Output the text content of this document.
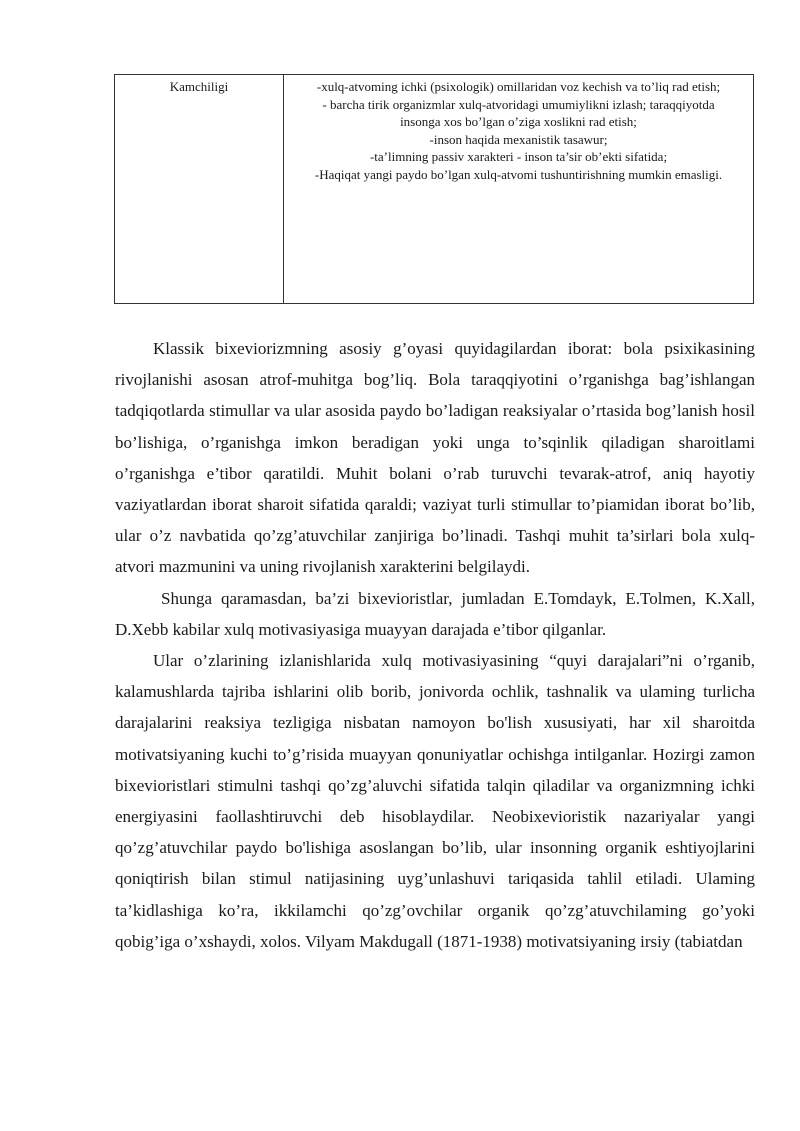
Kamchiligi	-xulq-atvoming ichki (psixologik) omillaridan voz kechish va to’liq rad etish;
- barcha tirik organizmlar xulq-atvoridagi umumiylikni izlash; taraqqiyotda
insonga xos bo’lgan o’ziga xoslikni rad etish;
-inson haqida mexanistik tasawur;
-ta’limning passiv xarakteri - inson ta’sir ob’ekti sifatida;
-Haqiqat yangi paydo bo’lgan xulq-atvomi tushuntirishning mumkin emasligi.

Klassik bixeviorizmning asosiy g’oyasi quyidagilardan iborat: bola psixikasining rivojlanishi asosan atrof-muhitga bog’liq. Bola taraqqiyotini o’rganishga bag’ishlangan tadqiqotlarda stimullar va ular asosida paydo bo’ladigan reaksiyalar o’rtasida bog’lanish hosil bo’lishiga, o’rganishga imkon beradigan yoki unga to’sqinlik qiladigan sharoitlami o’rganishga e’tibor qaratildi. Muhit bolani o’rab turuvchi tevarak-atrof, aniq hayotiy vaziyatlardan iborat sharoit sifatida qaraldi; vaziyat turli stimullar to’piamidan iborat bo’lib, ular o’z navbatida qo’zg’atuvchilar zanjiriga bo’linadi. Tashqi muhit ta’sirlari bola xulq-atvori mazmunini va uning rivojlanish xarakterini belgilaydi.

Shunga qaramasdan, ba’zi bixevioristlar, jumladan E.Tomdayk, E.Tolmen, K.Xall, D.Xebb kabilar xulq motivasiyasiga muayyan darajada e’tibor qilganlar.

Ular o’zlarining izlanishlarida xulq motivasiyasining “quyi darajalari”ni o’rganib, kalamushlarda tajriba ishlarini olib borib, jonivorda ochlik, tashnalik va ulaming turlicha darajalarini reaksiya tezligiga nisbatan namoyon bo'lish xususiyati, har xil sharoitda motivatsiyaning kuchi to’g’risida muayyan qonuniyatlar ochishga intilganlar. Hozirgi zamon bixevioristlari stimulni tashqi qo’zg’aluvchi sifatida talqin qiladilar va organizmning ichki energiyasini faollashtiruvchi deb hisoblaydilar. Neobixevioristik nazariyalar yangi qo’zg’atuvchilar paydo bo'lishiga asoslangan bo’lib, ular insonning organik eshtiyojlarini qoniqtirish bilan stimul natijasining uyg’unlashuvi tariqasida tahlil etiladi. Ulaming ta’kidlashiga ko’ra, ikkilamchi qo’zg’ovchilar organik qo’zg’atuvchilaming go’yoki qobig’iga o’xshaydi, xolos. Vilyam Makdugall (1871-1938) motivatsiyaning irsiy (tabiatdan
